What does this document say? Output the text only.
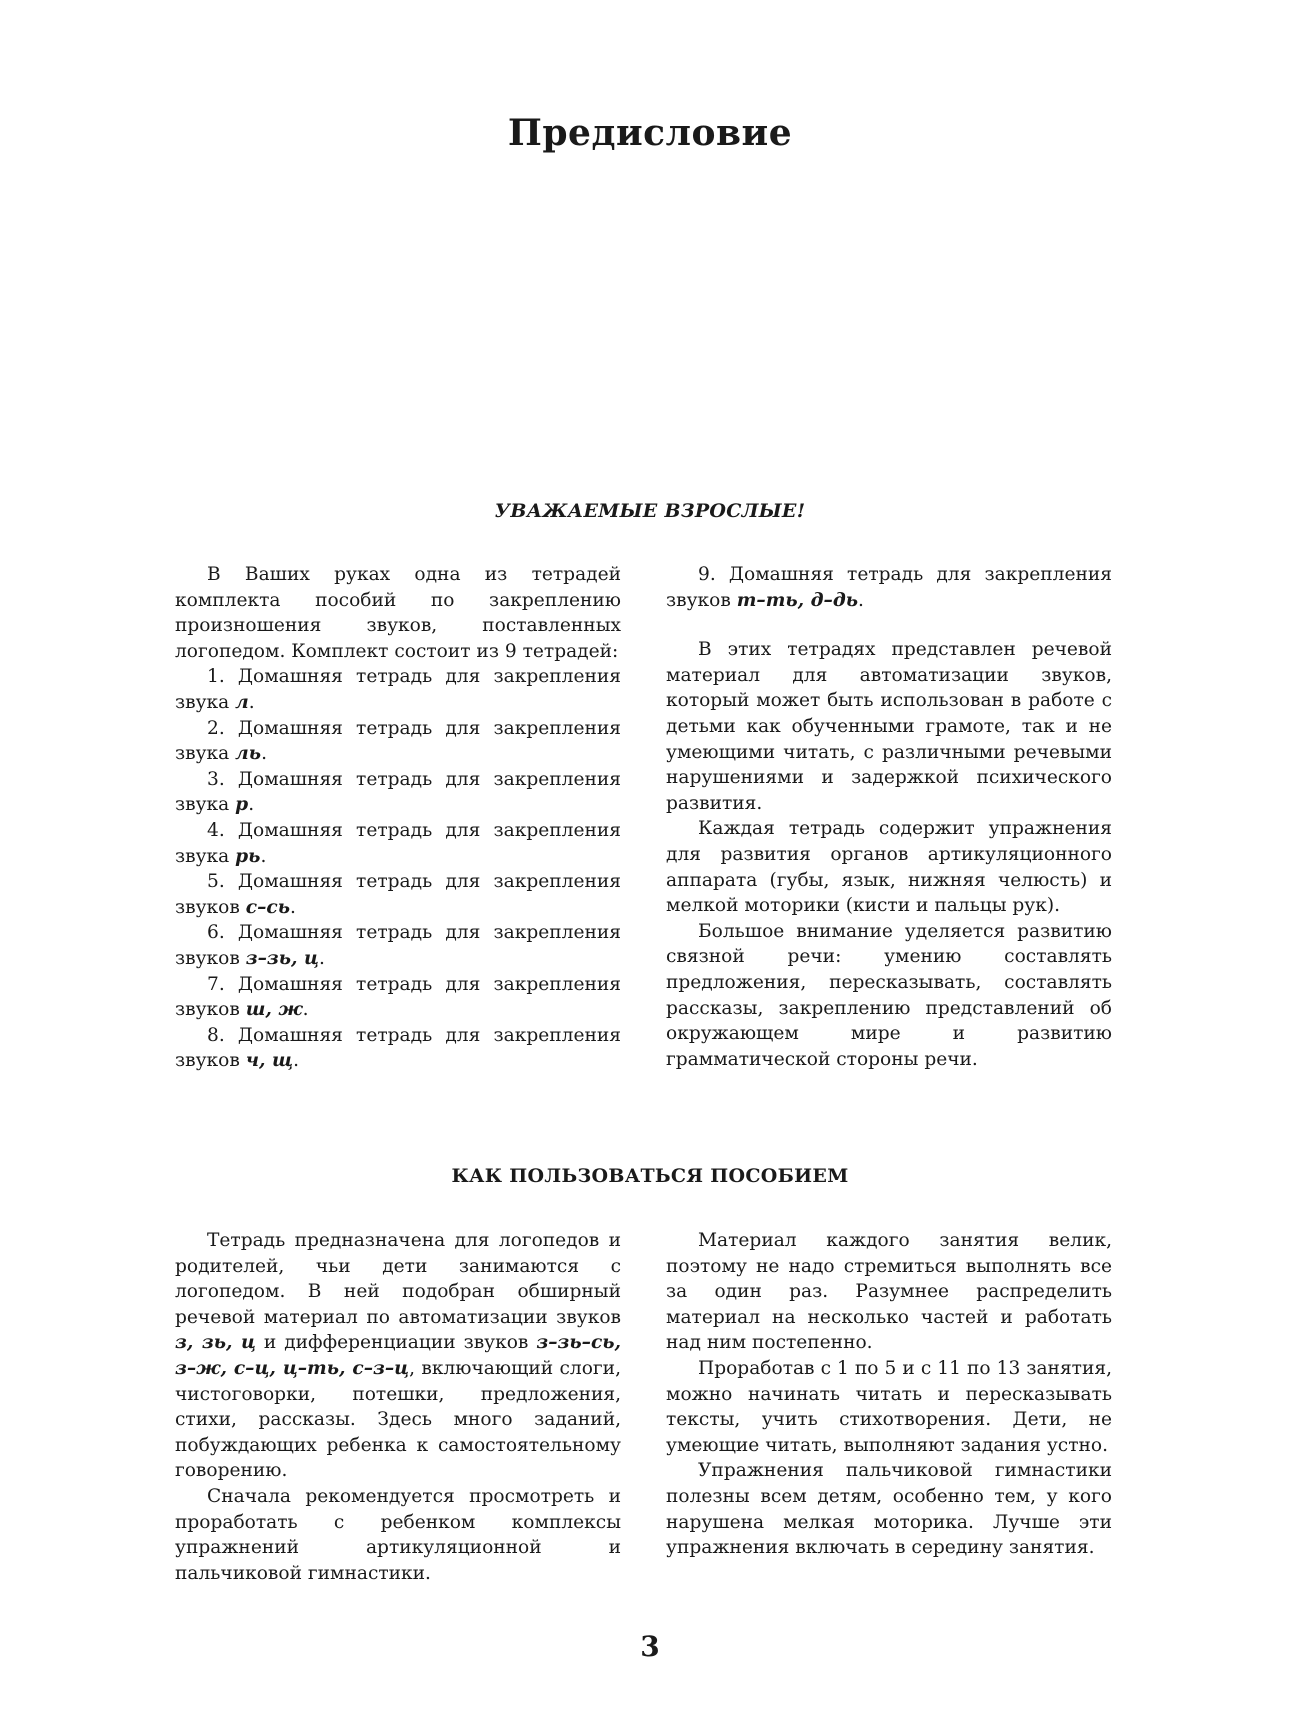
Предисловие
УВАЖАЕМЫЕ ВЗРОСЛЫЕ!

В Ваших руках одна из тетрадей комплекта пособий по закреплению произношения звуков, поставленных логопедом. Комплект состоит из 9 тетрадей:

1. Домашняя тетрадь для закрепления звука л.

2. Домашняя тетрадь для закрепления звука ль.

3. Домашняя тетрадь для закрепления звука р.

4. Домашняя тетрадь для закрепления звука рь.

5. Домашняя тетрадь для закрепления звуков с–сь.

6. Домашняя тетрадь для закрепления звуков з–зь, ц.

7. Домашняя тетрадь для закрепления звуков ш, ж.

8. Домашняя тетрадь для закрепления звуков ч, щ.

9. Домашняя тетрадь для закрепления звуков т–ть, д–дь.

В этих тетрадях представлен речевой материал для автоматизации звуков, который может быть использован в работе с детьми как обученными грамоте, так и не умеющими читать, с различными речевыми нарушениями и задержкой психического развития.

Каждая тетрадь содержит упражнения для развития органов артикуляционного аппарата (губы, язык, нижняя челюсть) и мелкой моторики (кисти и пальцы рук).

Большое внимание уделяется развитию связной речи: умению составлять предложения, пересказывать, составлять рассказы, закреплению представлений об окружающем мире и развитию грамматической стороны речи.

КАК ПОЛЬЗОВАТЬСЯ ПОСОБИЕМ

Тетрадь предназначена для логопедов и родителей, чьи дети занимаются с логопедом. В ней подобран обширный речевой материал по автоматизации звуков з, зь, ц и дифференциации звуков з–зь–сь, з–ж, с–ц, ц–ть, с–з–ц, включающий слоги, чистоговорки, потешки, предложения, стихи, рассказы. Здесь много заданий, побуждающих ребенка к самостоятельному говорению.

Сначала рекомендуется просмотреть и проработать с ребенком комплексы упражнений артикуляционной и пальчиковой гимнастики.

Материал каждого занятия велик, поэтому не надо стремиться выполнять все за один раз. Разумнее распределить материал на несколько частей и работать над ним постепенно.

Проработав с 1 по 5 и с 11 по 13 занятия, можно начинать читать и пересказывать тексты, учить стихотворения. Дети, не умеющие читать, выполняют задания устно.

Упражнения пальчиковой гимнастики полезны всем детям, особенно тем, у кого нарушена мелкая моторика. Лучше эти упражнения включать в середину занятия.

3
